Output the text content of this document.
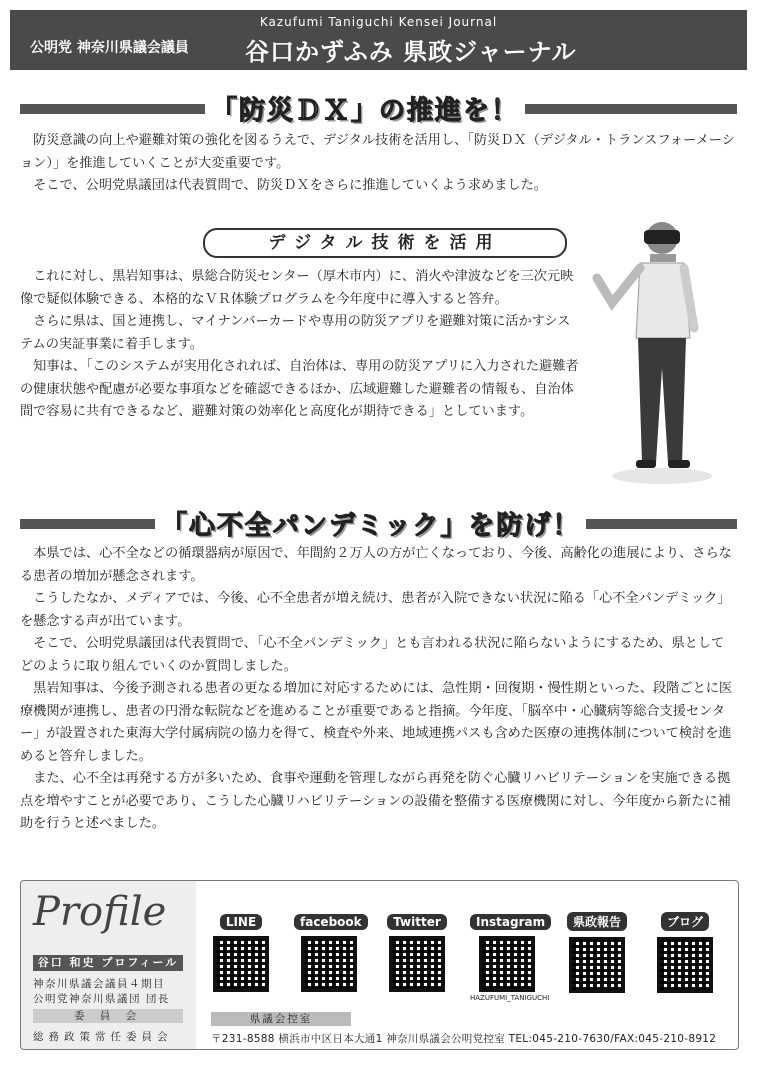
Kazufumi Taniguchi Kensei Journal
公明党 神奈川県議会議員 谷口かずふみ 県政ジャーナル
「防災ＤＸ」の推進を！

　防災意識の向上や避難対策の強化を図るうえで、デジタル技術を活用し、「防災ＤＸ（デジタル・トランスフォーメーション）」を推進していくことが大変重要です。

　そこで、公明党県議団は代表質問で、防災ＤＸをさらに推進していくよう求めました。

デジタル技術を活用

　これに対し、黒岩知事は、県総合防災センター（厚木市内）に、消火や津波などを三次元映像で疑似体験できる、本格的なＶＲ体験プログラムを今年度中に導入すると答弁。

　さらに県は、国と連携し、マイナンバーカードや専用の防災アプリを避難対策に活かすシステムの実証事業に着手します。

　知事は、「このシステムが実用化されれば、自治体は、専用の防災アプリに入力された避難者の健康状態や配慮が必要な事項などを確認できるほか、広域避難した避難者の情報も、自治体間で容易に共有できるなど、避難対策の効率化と高度化が期待できる」としています。

「心不全パンデミック」を防げ！

　本県では、心不全などの循環器病が原因で、年間約２万人の方が亡くなっており、今後、高齢化の進展により、さらなる患者の増加が懸念されます。

　こうしたなか、メディアでは、今後、心不全患者が増え続け、患者が入院できない状況に陥る「心不全パンデミック」を懸念する声が出ています。

　そこで、公明党県議団は代表質問で、「心不全パンデミック」とも言われる状況に陥らないようにするため、県としてどのように取り組んでいくのか質問しました。

　黒岩知事は、今後予測される患者の更なる増加に対応するためには、急性期・回復期・慢性期といった、段階ごとに医療機関が連携し、患者の円滑な転院などを進めることが重要であると指摘。今年度、「脳卒中・心臓病等総合支援センター」が設置された東海大学付属病院の協力を得て、検査や外来、地域連携パスも含めた医療の連携体制について検討を進めると答弁しました。

　また、心不全は再発する方が多いため、食事や運動を管理しながら再発を防ぐ心臓リハビリテーションを実施できる拠点を増やすことが必要であり、こうした心臓リハビリテーションの設備を整備する医療機関に対し、今年度から新たに補助を行うと述べました。

Profile
谷口 和史 プロフィール
神奈川県議会議員４期目
公明党神奈川県議団 団長
委 員 会
総務政策常任委員会
LINE	facebook	Twitter	Instagram
HAZUFUMI_TANIGUCHI
県政報告	ブログ
県議会控室
〒231-8588 横浜市中区日本大通1 神奈川県議会公明党控室 TEL:045-210-7630/FAX:045-210-8912
